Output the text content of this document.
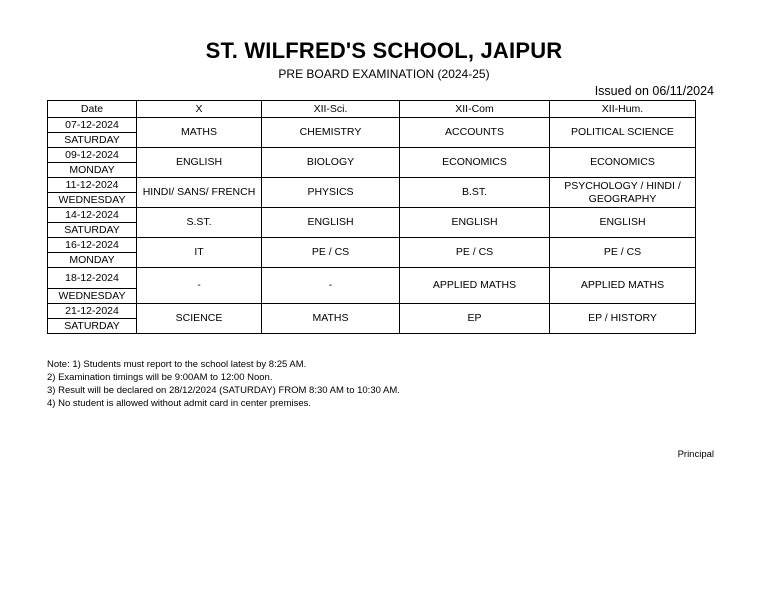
ST. WILFRED'S SCHOOL, JAIPUR
PRE BOARD EXAMINATION (2024-25)
Issued on 06/11/2024
Date	X	XII-Sci.	XII-Com	XII-Hum.
07-12-2024	MATHS	CHEMISTRY	ACCOUNTS	POLITICAL SCIENCE
SATURDAY				
09-12-2024	ENGLISH	BIOLOGY	ECONOMICS	ECONOMICS
MONDAY				
11-12-2024	HINDI/ SANS/ FRENCH	PHYSICS	B.ST.	PSYCHOLOGY / HINDI / GEOGRAPHY
WEDNESDAY				
14-12-2024	S.ST.	ENGLISH	ENGLISH	ENGLISH
SATURDAY				
16-12-2024	IT	PE / CS	PE / CS	PE / CS
MONDAY				
18-12-2024	-	-	APPLIED MATHS	APPLIED MATHS
WEDNESDAY				
21-12-2024	SCIENCE	MATHS	EP	EP / HISTORY
SATURDAY				
Note: 1) Students must report to the school latest by 8:25 AM.
2) Examination timings will be 9:00AM to 12:00 Noon.
3) Result will be declared on 28/12/2024 (SATURDAY) FROM 8:30 AM to 10:30 AM.
4) No student is allowed without admit card in center premises.
Principal
